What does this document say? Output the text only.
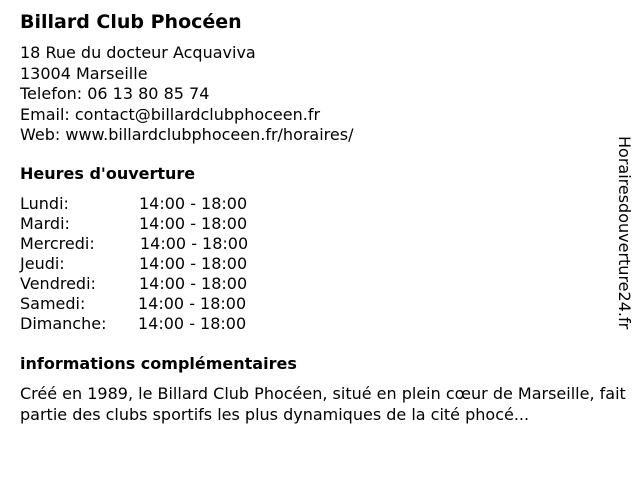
Billard Club Phocéen
18 Rue du docteur Acquaviva
13004 Marseille
Telefon: 06 13 80 85 74
Email: contact@billardclubphoceen.fr
Web: www.billardclubphoceen.fr/horaires/
Heures d'ouverture
Lundi:	14:00 - 18:00
Mardi:	14:00 - 18:00
Mercredi:	14:00 - 18:00
Jeudi:	14:00 - 18:00
Vendredi:	14:00 - 18:00
Samedi:	14:00 - 18:00
Dimanche: 14:00 - 18:00
informations complémentaires
Créé en 1989, le Billard Club Phocéen, situé en plein cœur de Marseille, fait partie des clubs sportifs les plus dynamiques de la cité phocé...
Horairesdouverture24.fr
